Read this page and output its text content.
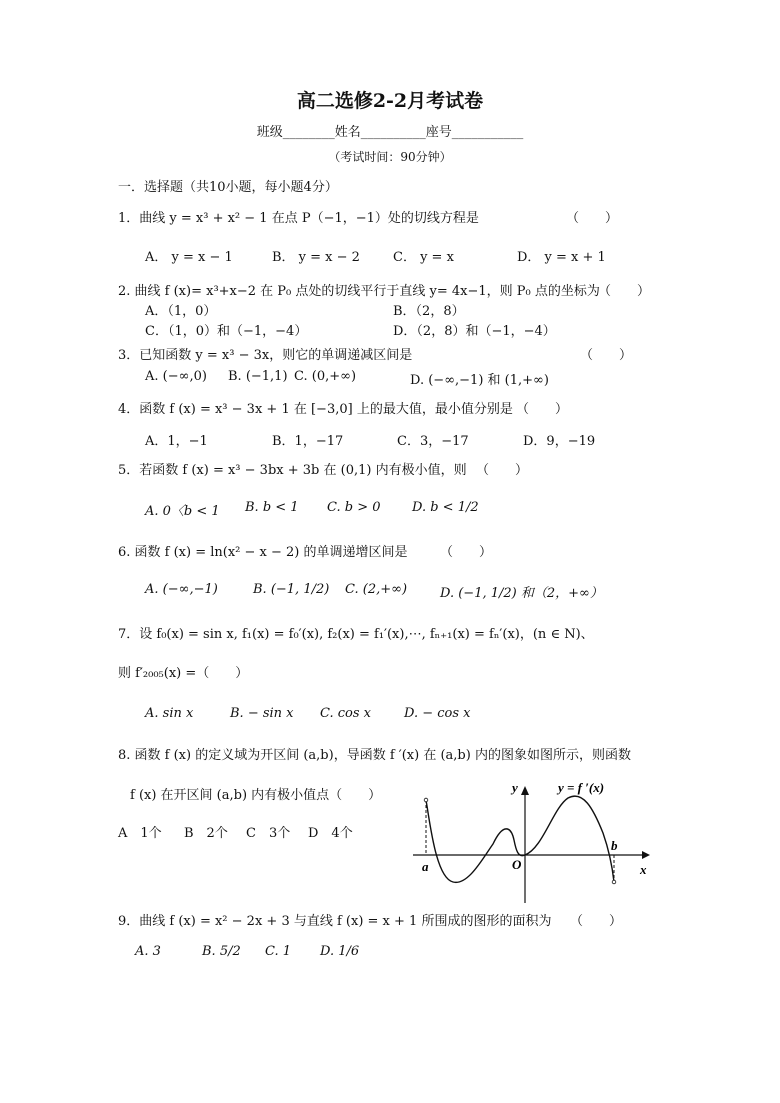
高二选修2-2月考试卷
班级________姓名__________座号___________
（考试时间：90分钟）
一．选择题（共10小题，每小题4分）
1．曲线 y = x³ + x² − 1 在点 P（−1，−1）处的切线方程是	（　　）
A． y = x − 1	B． y = x − 2	C． y = x	D． y = x + 1
2. 曲线 f (x)= x³+x−2 在 P₀ 点处的切线平行于直线 y= 4x−1，则 P₀ 点的坐标为
（　　）
A．（1，0）	B．（2，8）
C．（1，0）和（−1，−4）	D．（2，8）和（−1，−4）
3．已知函数 y = x³ − 3x，则它的单调递减区间是	（　　）
A. (−∞,0) B. (−1,1) C. (0,+∞)	D. (−∞,−1) 和 (1,+∞)
4．函数 f (x) = x³ − 3x + 1 在 [−3,0] 上的最大值，最小值分别是 （　　）
A．1，−1	B．1，−17	C．3，−17	D．9，−19
5．若函数 f (x) = x³ − 3bx + 3b 在 (0,1) 内有极小值，则 （　　）
A. 0〈b < 1 B. b < 1 C. b > 0 D. b < 1/2
6. 函数 f (x) = ln(x² − x − 2) 的单调递增区间是 （　　）
A. (−∞,−1)	B. (−1, 1/2) C. (2,+∞)	D. (−1, 1/2) 和（2，+∞）
7．设 f₀(x) = sin x, f₁(x) = f₀′(x), f₂(x) = f₁′(x),⋯, fₙ₊₁(x) = fₙ′(x)，(n ∈ N)、
则 f′₂₀₀₅(x) =（　　）
A. sin x	B. − sin x C. cos x	D. − cos x
8. 函数 f (x) 的定义域为开区间 (a,b)，导函数 f ′(x) 在 (a,b) 内的图象如图所示，则函数
f (x) 在开区间 (a,b) 内有极小值点（　　）
A　1个 B　2个 C　3个 D　4个
y	y = f ′(x)
a
b
O	x
9．曲线 f (x) = x² − 2x + 3 与直线 f (x) = x + 1 所围成的图形的面积为 （　　）
A. 3	B. 5/2 C. 1 D. 1/6
